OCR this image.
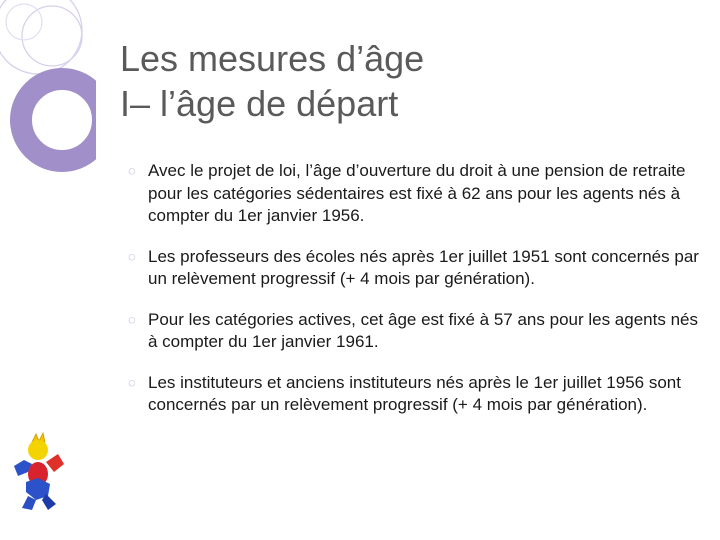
Les mesures d’âge
I– l’âge de départ
◌ Avec le projet de loi, l’âge d’ouverture du droit à une pension de retraite pour les catégories sédentaires est fixé à 62 ans pour les agents nés à compter du 1er janvier 1956.
◌ Les professeurs des écoles nés après 1er juillet 1951 sont concernés par un relèvement progressif (+ 4 mois par génération).
◌ Pour les catégories actives, cet âge est fixé à 57 ans pour les agents nés à compter du 1er janvier 1961.
◌ Les instituteurs et anciens instituteurs nés après le 1er juillet 1956 sont concernés par un relèvement progressif (+ 4 mois par génération).
